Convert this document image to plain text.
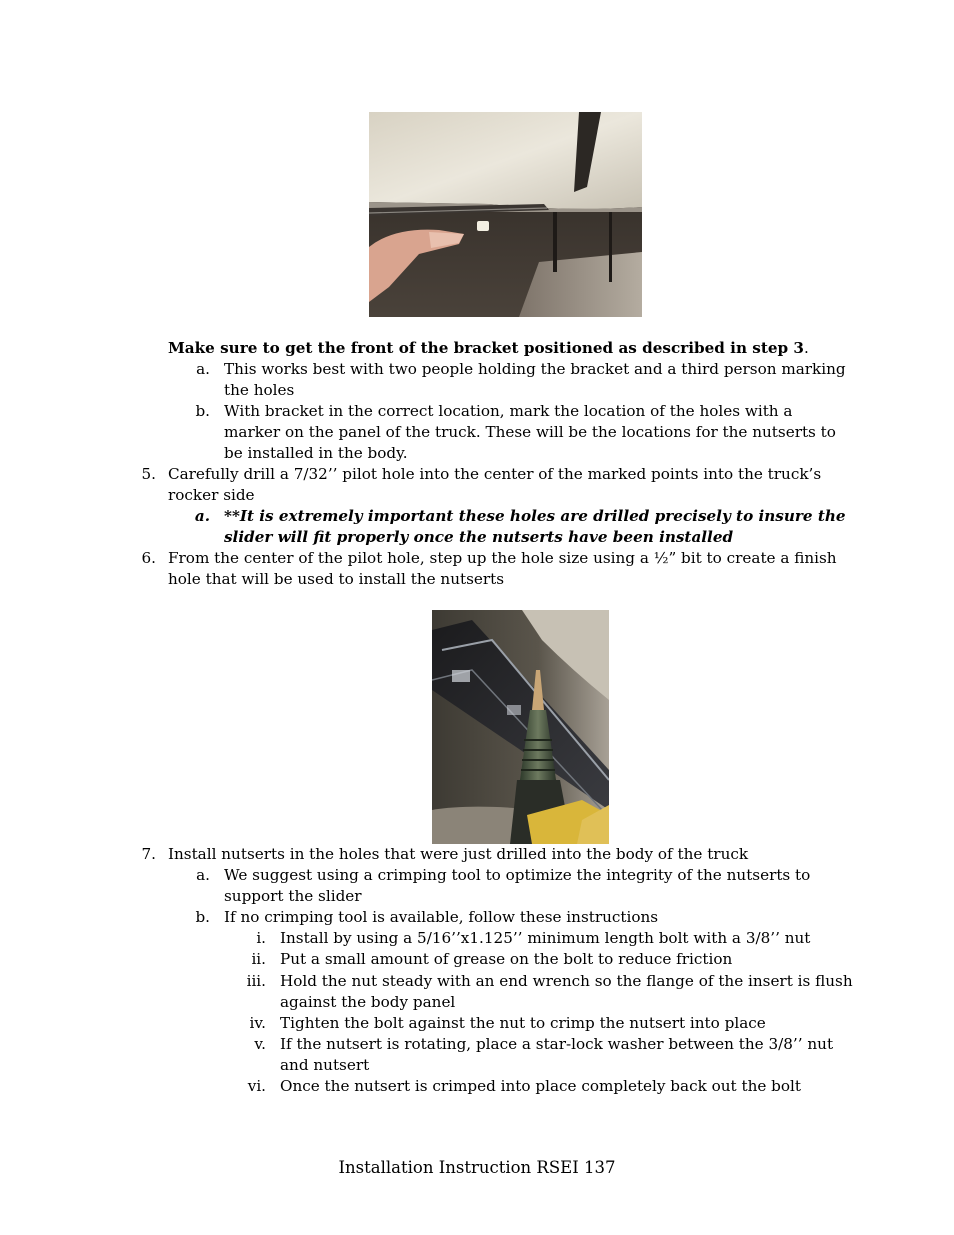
Make sure to get the front of the bracket positioned as described in step 3.
a. This works best with two people holding the bracket and a third person marking
the holes
b. With bracket in the correct location, mark the location of the holes with a
marker on the panel of the truck. These will be the locations for the nutserts to
be installed in the body.
5. Carefully drill a 7/32’’ pilot hole into the center of the marked points into the truck’s
rocker side
a. **It is extremely important these holes are drilled precisely to insure the
slider will fit properly once the nutserts have been installed
6. From the center of the pilot hole, step up the hole size using a ½” bit to create a finish
hole that will be used to install the nutserts
7. Install nutserts in the holes that were just drilled into the body of the truck
a. We suggest using a crimping tool to optimize the integrity of the nutserts to
support the slider
b. If no crimping tool is available, follow these instructions
i. Install by using a 5/16’’x1.125’’ minimum length bolt with a 3/8’’ nut
ii. Put a small amount of grease on the bolt to reduce friction
iii. Hold the nut steady with an end wrench so the flange of the insert is flush
against the body panel
iv. Tighten the bolt against the nut to crimp the nutsert into place
v. If the nutsert is rotating, place a star-lock washer between the 3/8’’ nut
and nutsert
vi. Once the nutsert is crimped into place completely back out the bolt
Installation Instruction RSEI 137
